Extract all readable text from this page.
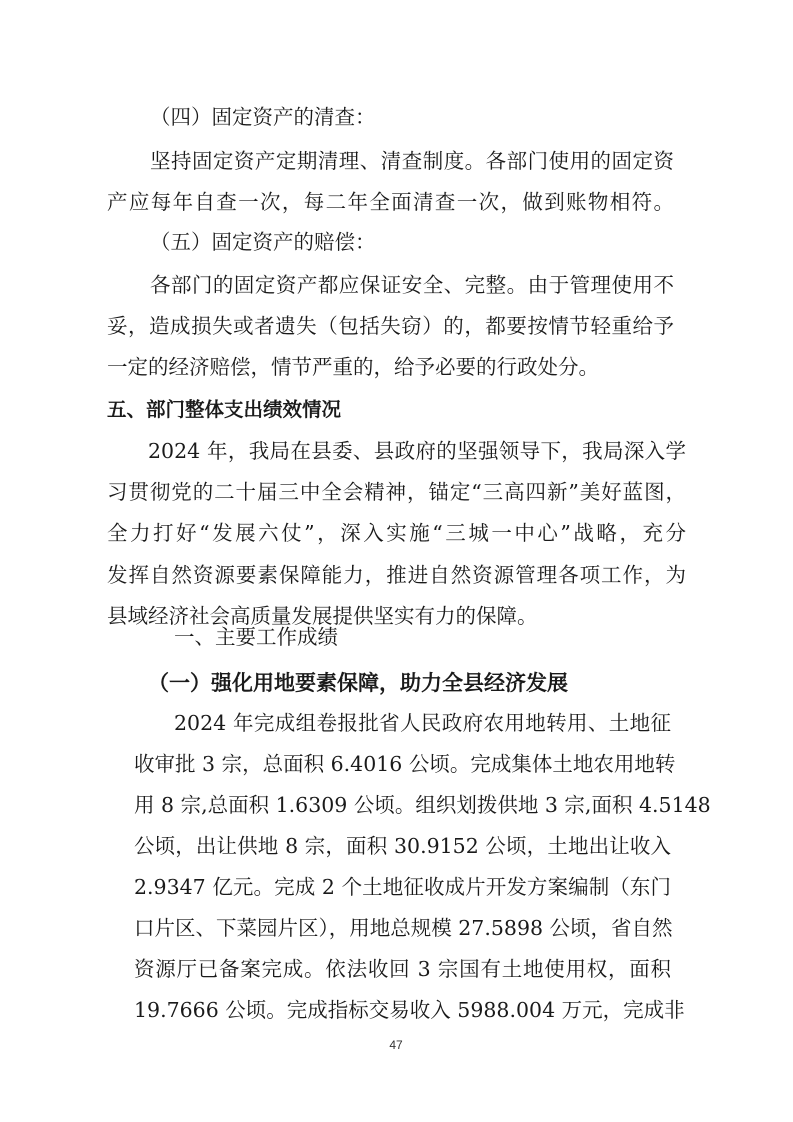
（四）固定资产的清查：

坚持固定资产定期清理、清查制度。各部门使用的固定资

产应每年自查一次，每二年全面清查一次，做到账物相符。

（五）固定资产的赔偿：

各部门的固定资产都应保证安全、完整。由于管理使用不

妥，造成损失或者遗失（包括失窃）的，都要按情节轻重给予

一定的经济赔偿，情节严重的，给予必要的行政处分。

五、部门整体支出绩效情况

2024 年，我局在县委、县政府的坚强领导下，我局深入学

习贯彻党的二十届三中全会精神，锚定“三高四新”美好蓝图，

全力打好“发展六仗”，深入实施“三城一中心”战略，充分

发挥自然资源要素保障能力，推进自然资源管理各项工作，为

县域经济社会高质量发展提供坚实有力的保障。

一、主要工作成绩

（一）强化用地要素保障，助力全县经济发展

2024 年完成组卷报批省人民政府农用地转用、土地征

收审批 3 宗，总面积 6.4016 公顷。完成集体土地农用地转

用 8 宗,总面积 1.6309 公顷。组织划拨供地 3 宗,面积 4.5148

公顷，出让供地 8 宗，面积 30.9152 公顷，土地出让收入

2.9347 亿元。完成 2 个土地征收成片开发方案编制（东门

口片区、下菜园片区），用地总规模 27.5898 公顷，省自然

资源厅已备案完成。依法收回 3 宗国有土地使用权，面积

19.7666 公顷。完成指标交易收入 5988.004 万元，完成非

47
